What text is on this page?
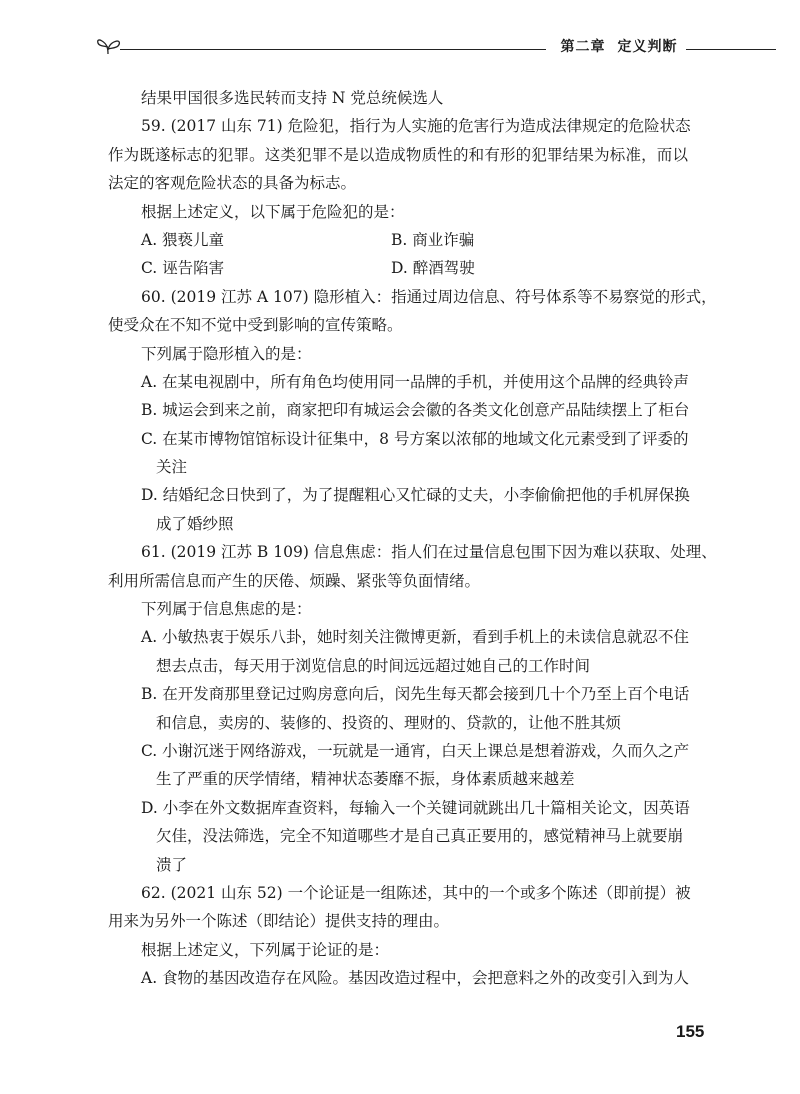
第二章 定义判断
结果甲国很多选民转而支持 N 党总统候选人
59. (2017 山东 71) 危险犯，指行为人实施的危害行为造成法律规定的危险状态
作为既遂标志的犯罪。这类犯罪不是以造成物质性的和有形的犯罪结果为标准，而以
法定的客观危险状态的具备为标志。
根据上述定义，以下属于危险犯的是：
A. 猥亵儿童	B. 商业诈骗
C. 诬告陷害	D. 醉酒驾驶
60. (2019 江苏 A 107) 隐形植入：指通过周边信息、符号体系等不易察觉的形式，
使受众在不知不觉中受到影响的宣传策略。
下列属于隐形植入的是：
A. 在某电视剧中，所有角色均使用同一品牌的手机，并使用这个品牌的经典铃声
B. 城运会到来之前，商家把印有城运会会徽的各类文化创意产品陆续摆上了柜台
C. 在某市博物馆馆标设计征集中，8 号方案以浓郁的地域文化元素受到了评委的
关注
D. 结婚纪念日快到了，为了提醒粗心又忙碌的丈夫，小李偷偷把他的手机屏保换
成了婚纱照
61. (2019 江苏 B 109) 信息焦虑：指人们在过量信息包围下因为难以获取、处理、
利用所需信息而产生的厌倦、烦躁、紧张等负面情绪。
下列属于信息焦虑的是：
A. 小敏热衷于娱乐八卦，她时刻关注微博更新，看到手机上的未读信息就忍不住
想去点击，每天用于浏览信息的时间远远超过她自己的工作时间
B. 在开发商那里登记过购房意向后，闵先生每天都会接到几十个乃至上百个电话
和信息，卖房的、装修的、投资的、理财的、贷款的，让他不胜其烦
C. 小谢沉迷于网络游戏，一玩就是一通宵，白天上课总是想着游戏，久而久之产
生了严重的厌学情绪，精神状态萎靡不振，身体素质越来越差
D. 小李在外文数据库查资料，每输入一个关键词就跳出几十篇相关论文，因英语
欠佳，没法筛选，完全不知道哪些才是自己真正要用的，感觉精神马上就要崩
溃了
62. (2021 山东 52) 一个论证是一组陈述，其中的一个或多个陈述（即前提）被
用来为另外一个陈述（即结论）提供支持的理由。
根据上述定义，下列属于论证的是：
A. 食物的基因改造存在风险。基因改造过程中，会把意料之外的改变引入到为人
155
